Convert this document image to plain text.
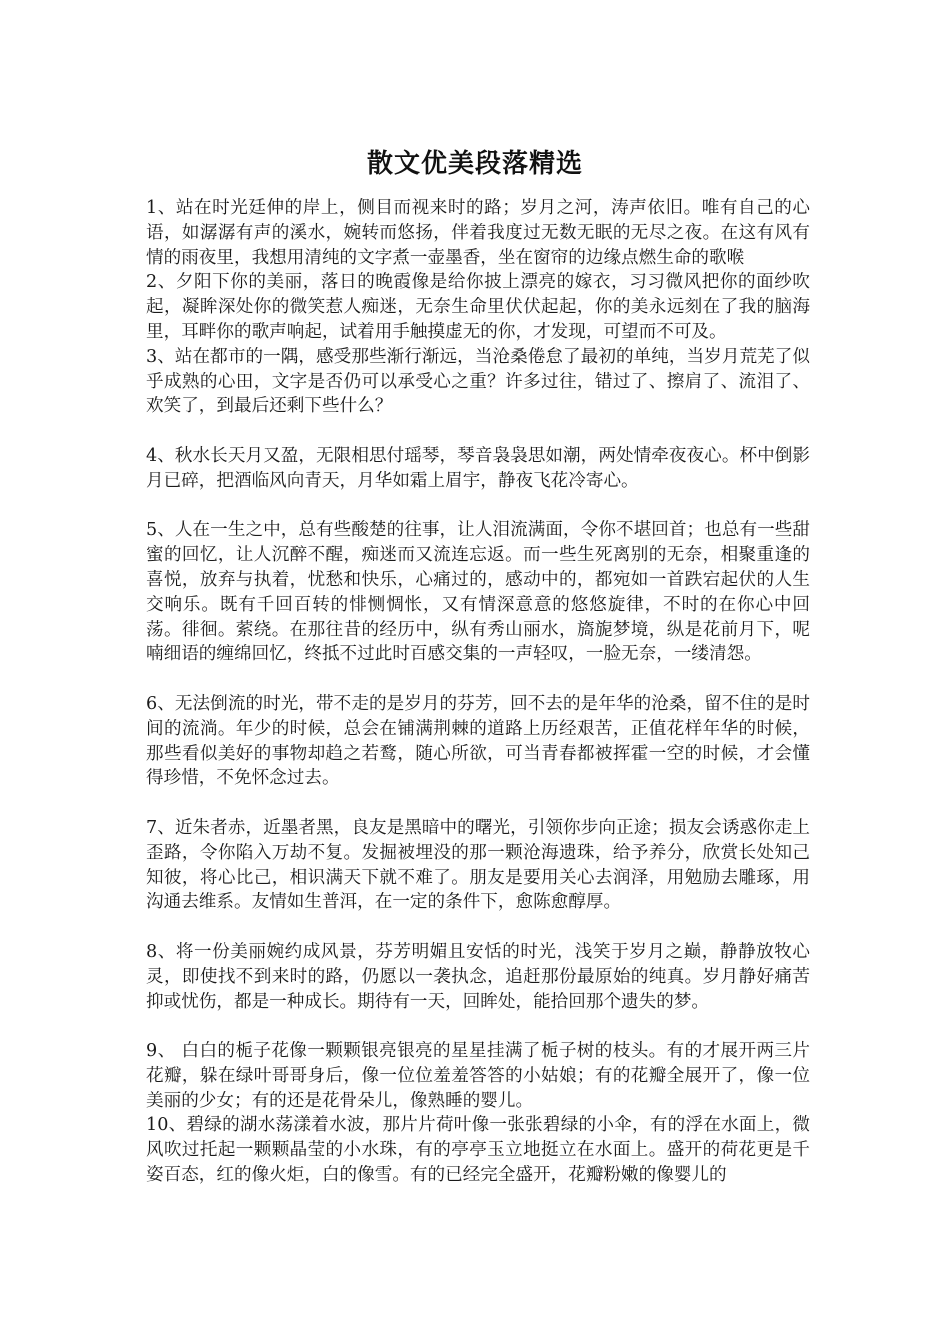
散文优美段落精选

1、站在时光廷伸的岸上，侧目而视来时的路；岁月之河，涛声依旧。唯有自己的心语，如潺潺有声的溪水，婉转而悠扬，伴着我度过无数无眠的无尽之夜。在这有风有情的雨夜里，我想用清纯的文字煮一壶墨香，坐在窗帘的边缘点燃生命的歌喉

2、夕阳下你的美丽，落日的晚霞像是给你披上漂亮的嫁衣，习习微风把你的面纱吹起，凝眸深处你的微笑惹人痴迷，无奈生命里伏伏起起，你的美永远刻在了我的脑海里，耳畔你的歌声响起，试着用手触摸虚无的你，才发现，可望而不可及。

3、站在都市的一隅，感受那些渐行渐远，当沧桑倦怠了最初的单纯，当岁月荒芜了似乎成熟的心田，文字是否仍可以承受心之重？许多过往，错过了、擦肩了、流泪了、欢笑了，到最后还剩下些什么？

4、秋水长天月又盈，无限相思付瑶琴，琴音袅袅思如潮，两处情牵夜夜心。杯中倒影月已碎，把酒临风向青天，月华如霜上眉宇，静夜飞花冷寄心。

5、人在一生之中，总有些酸楚的往事，让人泪流满面，令你不堪回首；也总有一些甜蜜的回忆，让人沉醉不醒，痴迷而又流连忘返。而一些生死离别的无奈，相聚重逢的喜悦，放弃与执着，忧愁和快乐，心痛过的，感动中的，都宛如一首跌宕起伏的人生交响乐。既有千回百转的悱恻惆怅，又有情深意意的悠悠旋律，不时的在你心中回荡。徘徊。萦绕。在那往昔的经历中，纵有秀山丽水，旖旎梦境，纵是花前月下，呢喃细语的缠绵回忆，终抵不过此时百感交集的一声轻叹，一脸无奈，一缕清怨。

6、无法倒流的时光，带不走的是岁月的芬芳，回不去的是年华的沧桑，留不住的是时间的流淌。年少的时候，总会在铺满荆棘的道路上历经艰苦，正值花样年华的时候，那些看似美好的事物却趋之若鹜，随心所欲，可当青春都被挥霍一空的时候，才会懂得珍惜，不免怀念过去。

7、近朱者赤，近墨者黑，良友是黑暗中的曙光，引领你步向正途；损友会诱惑你走上歪路，令你陷入万劫不复。发掘被埋没的那一颗沧海遗珠，给予养分，欣赏长处知己知彼，将心比己，相识满天下就不难了。朋友是要用关心去润泽，用勉励去雕琢，用沟通去维系。友情如生普洱，在一定的条件下，愈陈愈醇厚。

8、将一份美丽婉约成风景，芬芳明媚且安恬的时光，浅笑于岁月之巅，静静放牧心灵，即使找不到来时的路，仍愿以一袭执念，追赶那份最原始的纯真。岁月静好痛苦抑或忧伤，都是一种成长。期待有一天，回眸处，能拾回那个遗失的梦。

9、 白白的栀子花像一颗颗银亮银亮的星星挂满了栀子树的枝头。有的才展开两三片花瓣，躲在绿叶哥哥身后，像一位位羞羞答答的小姑娘；有的花瓣全展开了，像一位美丽的少女；有的还是花骨朵儿，像熟睡的婴儿。

10、碧绿的湖水荡漾着水波，那片片荷叶像一张张碧绿的小伞，有的浮在水面上，微风吹过托起一颗颗晶莹的小水珠，有的亭亭玉立地挺立在水面上。盛开的荷花更是千姿百态，红的像火炬，白的像雪。有的已经完全盛开，花瓣粉嫩的像婴儿的
